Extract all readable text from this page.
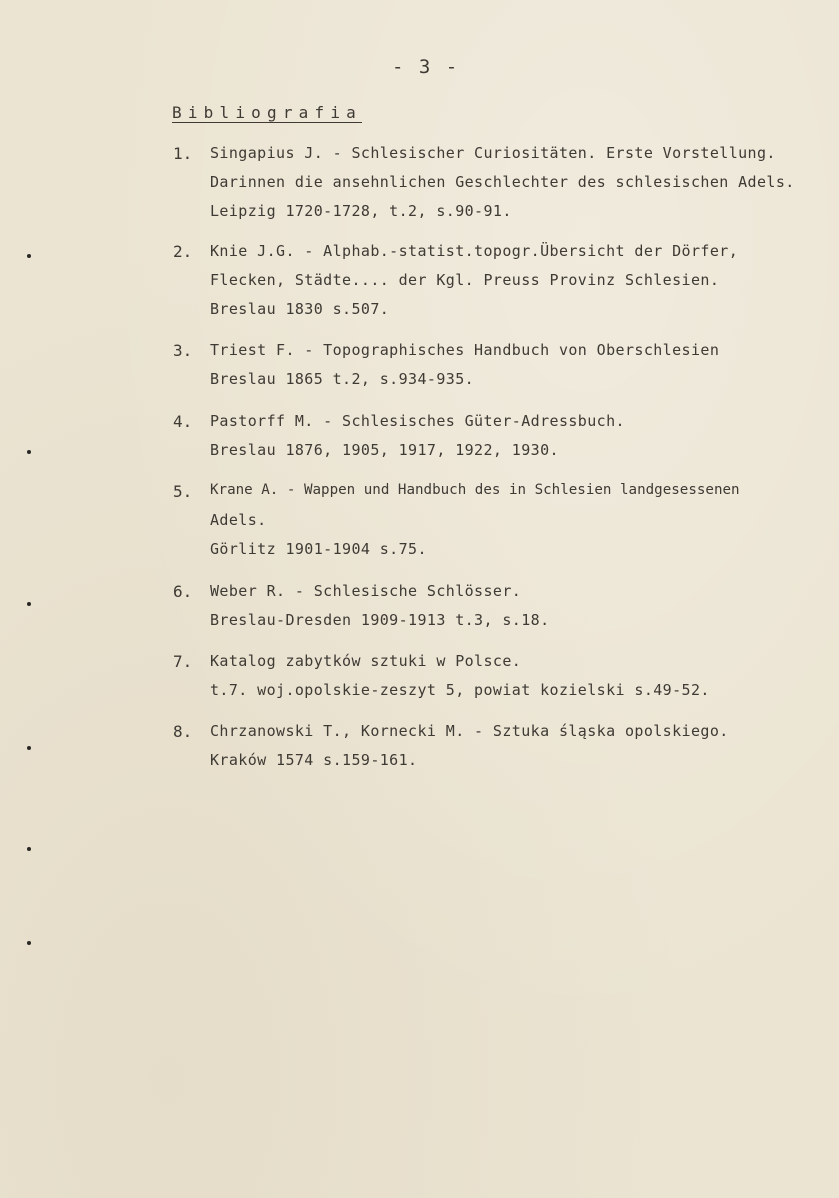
- 3 -
Bibliografia
1. Singapius J. - Schlesischer Curiositäten. Erste Vorstellung.
Darinnen die ansehnlichen Geschlechter des schlesischen Adels.
Leipzig 1720-1728, t.2, s.90-91.
2. Knie J.G. - Alphab.-statist.topogr.Übersicht der Dörfer,
Flecken, Städte.... der Kgl. Preuss Provinz Schlesien.
Breslau 1830 s.507.
3. Triest F. - Topographisches Handbuch von Oberschlesien
Breslau 1865 t.2, s.934-935.
4. Pastorff M. - Schlesisches Güter-Adressbuch.
Breslau 1876, 1905, 1917, 1922, 1930.
5. Krane A. - Wappen und Handbuch des in Schlesien landgesessenen
Adels.
Görlitz 1901-1904 s.75.
6. Weber R. - Schlesische Schlösser.
Breslau-Dresden 1909-1913 t.3, s.18.
7. Katalog zabytków sztuki w Polsce.
t.7. woj.opolskie-zeszyt 5, powiat kozielski s.49-52.
8. Chrzanowski T., Kornecki M. - Sztuka śląska opolskiego.
Kraków 1574 s.159-161.
